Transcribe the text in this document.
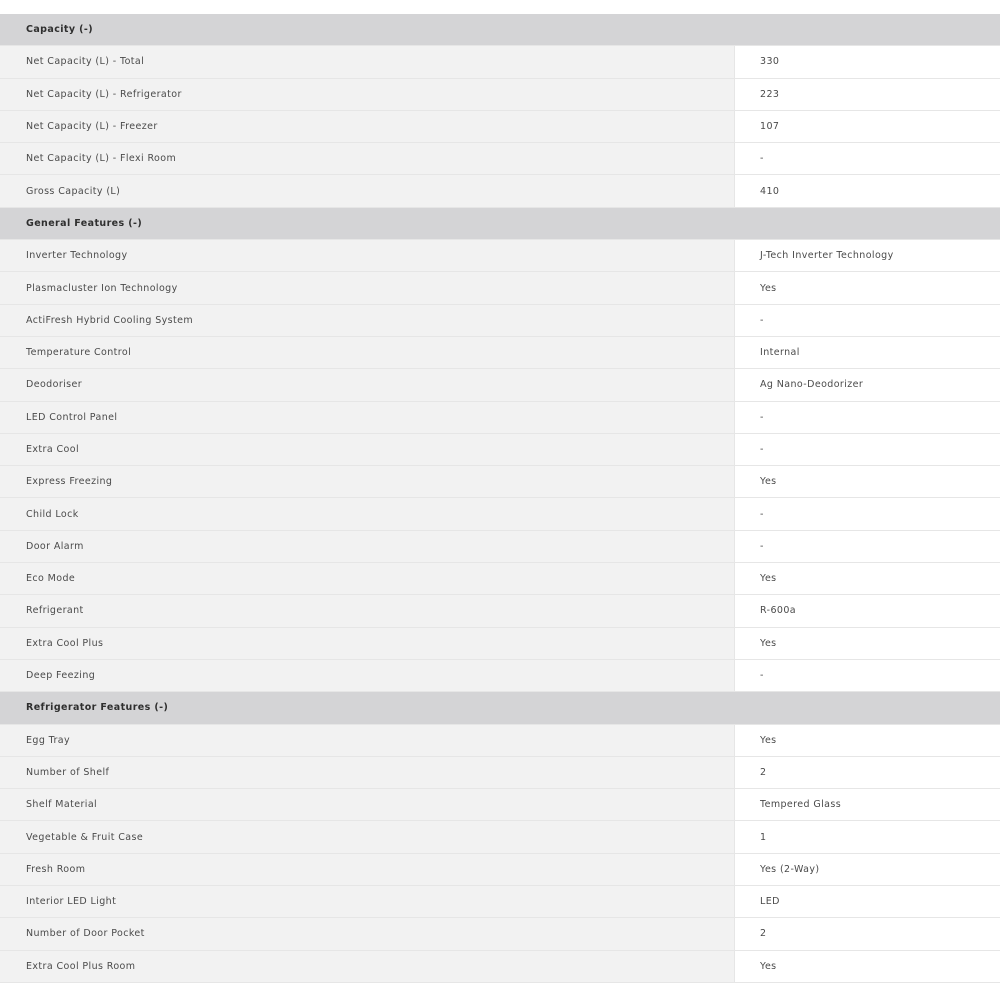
Capacity (-)
Net Capacity (L) - Total	330
Net Capacity (L) - Refrigerator	223
Net Capacity (L) - Freezer	107
Net Capacity (L) - Flexi Room	-
Gross Capacity (L)	410
General Features (-)
Inverter Technology	J-Tech Inverter Technology
Plasmacluster Ion Technology	Yes
ActiFresh Hybrid Cooling System	-
Temperature Control	Internal
Deodoriser	Ag Nano-Deodorizer
LED Control Panel	-
Extra Cool	-
Express Freezing	Yes
Child Lock	-
Door Alarm	-
Eco Mode	Yes
Refrigerant	R-600a
Extra Cool Plus	Yes
Deep Feezing	-
Refrigerator Features (-)
Egg Tray	Yes
Number of Shelf	2
Shelf Material	Tempered Glass
Vegetable & Fruit Case	1
Fresh Room	Yes (2-Way)
Interior LED Light	LED
Number of Door Pocket	2
Extra Cool Plus Room	Yes
